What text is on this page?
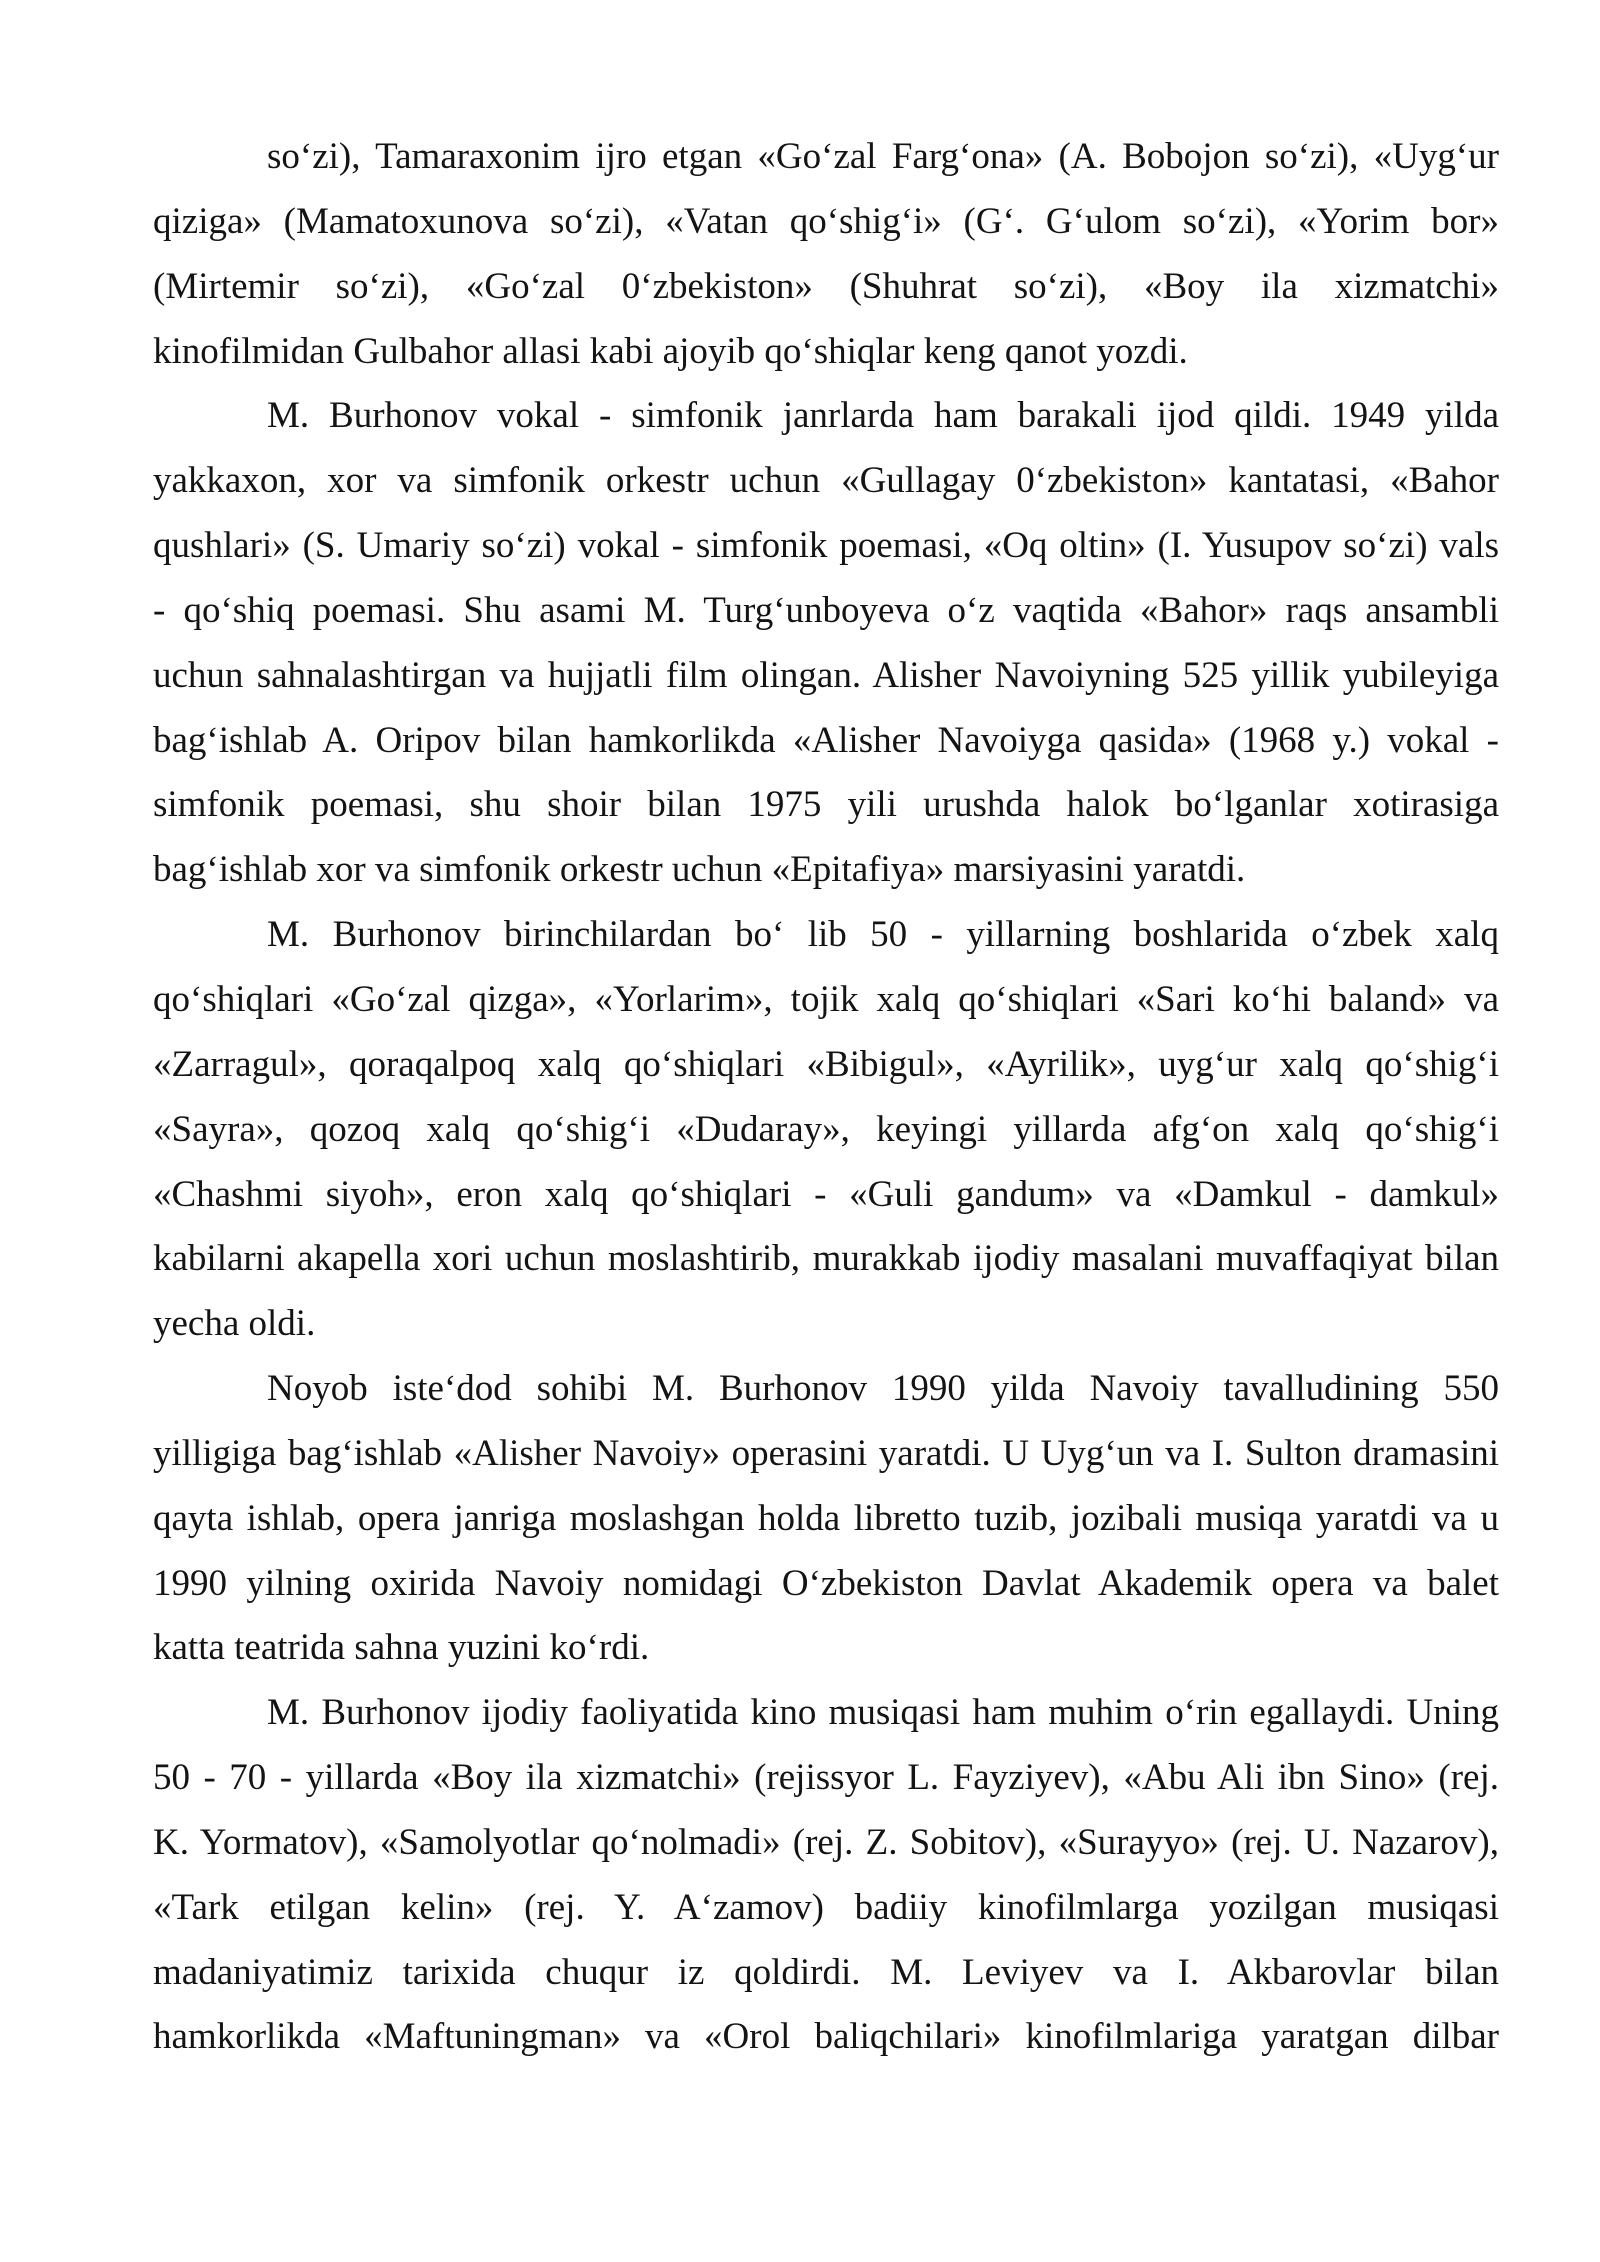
so‘zi), Tamaraxonim ijro etgan «Go‘zal Farg‘ona» (A. Bobojon so‘zi), «Uyg‘ur
qiziga» (Mamatoxunova so‘zi), «Vatan qo‘shig‘i» (G‘. G‘ulom so‘zi), «Yorim bor»
(Mirtemir so‘zi), «Go‘zal 0‘zbekiston» (Shuhrat so‘zi), «Boy ila xizmatchi»
kinofilmidan Gulbahor allasi kabi ajoyib qo‘shiqlar keng qanot yozdi.
M. Burhonov vokal - simfonik janrlarda ham barakali ijod qildi. 1949 yilda
yakkaxon, xor va simfonik orkestr uchun «Gullagay 0‘zbekiston» kantatasi, «Bahor
qushlari» (S. Umariy so‘zi) vokal - simfonik poemasi, «Oq oltin» (I. Yusupov so‘zi) vals
- qo‘shiq poemasi. Shu asami M. Turg‘unboyeva o‘z vaqtida «Bahor» raqs ansambli
uchun sahnalashtirgan va hujjatli film olingan. Alisher Navoiyning 525 yillik yubileyiga
bag‘ishlab A. Oripov bilan hamkorlikda «Alisher Navoiyga qasida» (1968 y.) vokal -
simfonik poemasi, shu shoir bilan 1975 yili urushda halok bo‘lganlar xotirasiga
bag‘ishlab xor va simfonik orkestr uchun «Epitafiya» marsiyasini yaratdi.
M. Burhonov birinchilardan bo‘ lib 50 - yillarning boshlarida o‘zbek xalq
qo‘shiqlari «Go‘zal qizga», «Yorlarim», tojik xalq qo‘shiqlari «Sari ko‘hi baland» va
«Zarragul», qoraqalpoq xalq qo‘shiqlari «Bibigul», «Ayrilik», uyg‘ur xalq qo‘shig‘i
«Sayra», qozoq xalq qo‘shig‘i «Dudaray», keyingi yillarda afg‘on xalq qo‘shig‘i
«Chashmi siyoh», eron xalq qo‘shiqlari - «Guli gandum» va «Damkul - damkul»
kabilarni akapella xori uchun moslashtirib, murakkab ijodiy masalani muvaffaqiyat bilan
yecha oldi.
Noyob iste‘dod sohibi M. Burhonov 1990 yilda Navoiy tavalludining 550
yilligiga bag‘ishlab «Alisher Navoiy» operasini yaratdi. U Uyg‘un va I. Sulton dramasini
qayta ishlab, opera janriga moslashgan holda libretto tuzib, jozibali musiqa yaratdi va u
1990 yilning oxirida Navoiy nomidagi O‘zbekiston Davlat Akademik opera va balet
katta teatrida sahna yuzini ko‘rdi.
M. Burhonov ijodiy faoliyatida kino musiqasi ham muhim o‘rin egallaydi. Uning
50 - 70 - yillarda «Boy ila xizmatchi» (rejissyor L. Fayziyev), «Abu Ali ibn Sino» (rej.
K. Yormatov), «Samolyotlar qo‘nolmadi» (rej. Z. Sobitov), «Surayyo» (rej. U. Nazarov),
«Tark etilgan kelin» (rej. Y. A‘zamov) badiiy kinofilmlarga yozilgan musiqasi
madaniyatimiz tarixida chuqur iz qoldirdi. M. Leviyev va I. Akbarovlar bilan
hamkorlikda «Maftuningman» va «Orol baliqchilari» kinofilmlariga yaratgan dilbar
